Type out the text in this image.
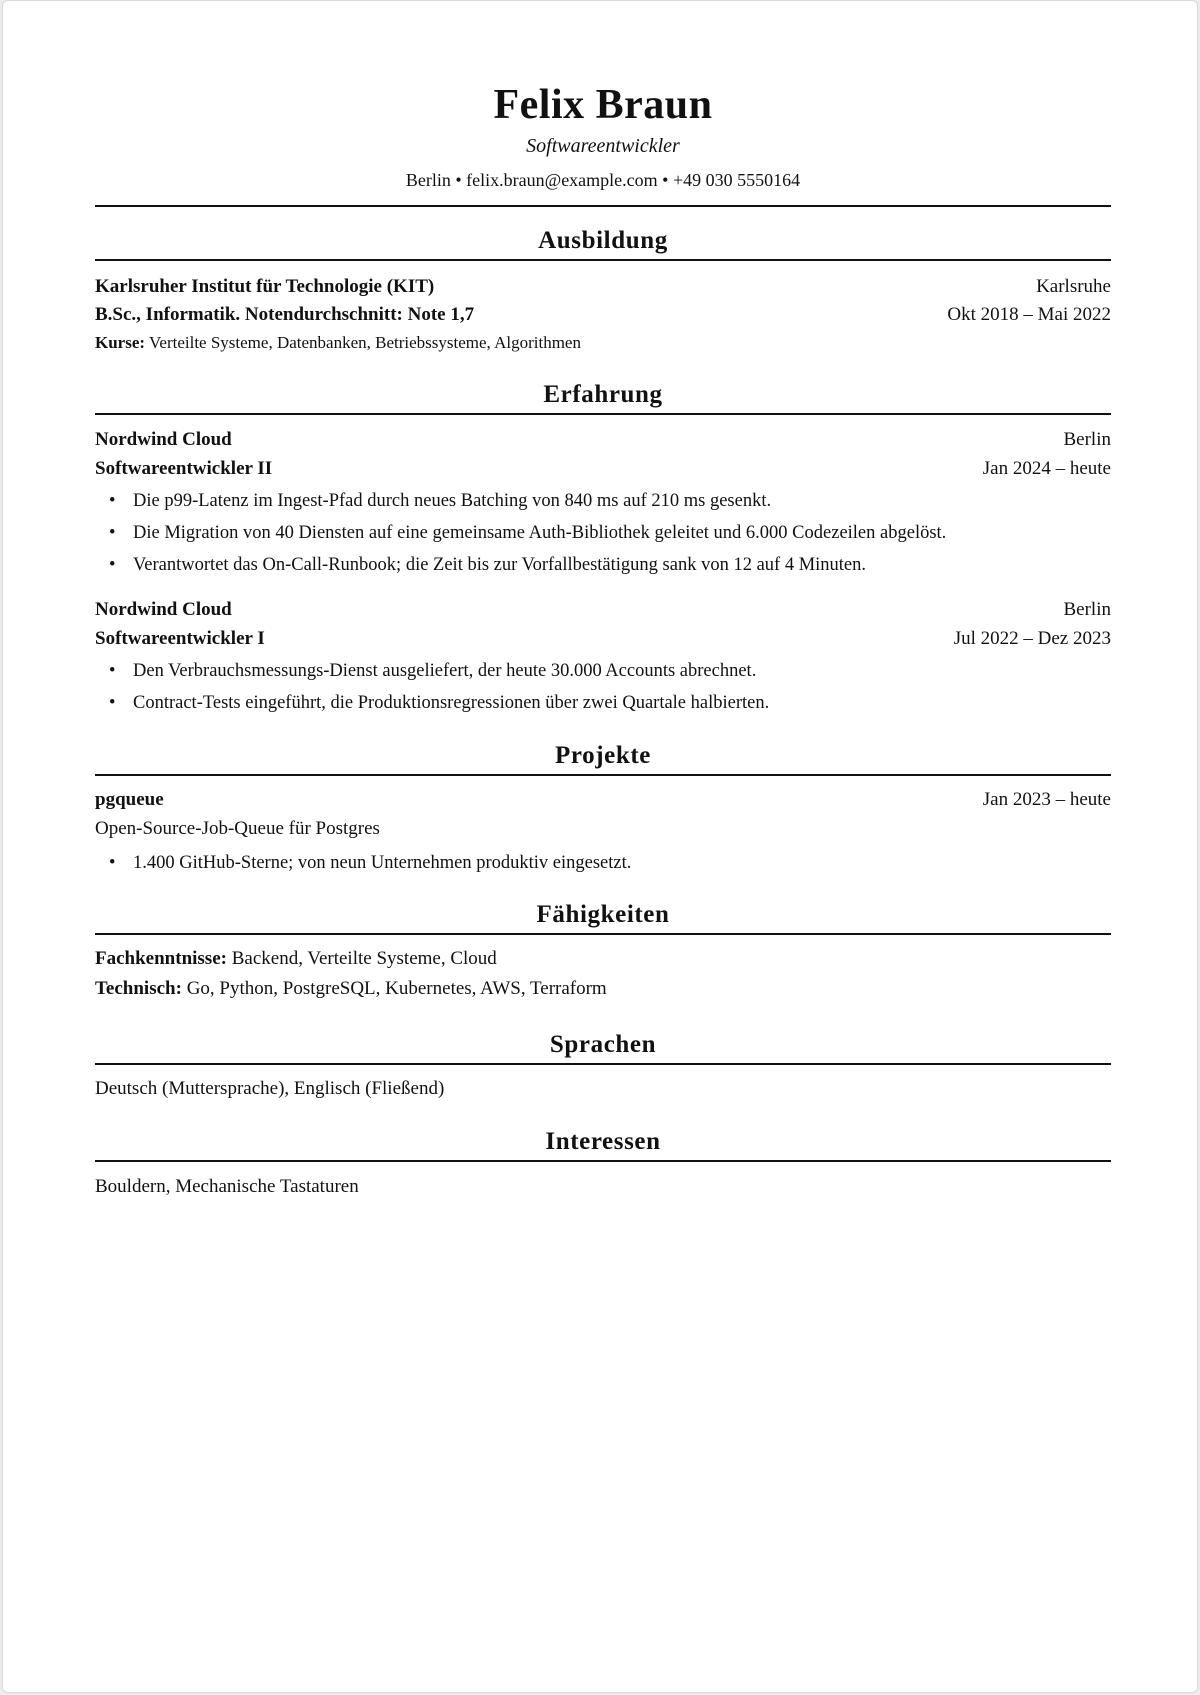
Felix Braun
Softwareentwickler
Berlin • felix.braun@example.com • +49 030 5550164
Ausbildung
Karlsruher Institut für Technologie (KIT)	Karlsruhe
B.Sc., Informatik. Notendurchschnitt: Note 1,7	Okt 2018 – Mai 2022
Kurse: Verteilte Systeme, Datenbanken, Betriebssysteme, Algorithmen
Erfahrung
Nordwind Cloud	Berlin
Softwareentwickler II	Jan 2024 – heute
• Die p99-Latenz im Ingest-Pfad durch neues Batching von 840 ms auf 210 ms gesenkt.
• Die Migration von 40 Diensten auf eine gemeinsame Auth-Bibliothek geleitet und 6.000 Codezeilen abgelöst.
• Verantwortet das On-Call-Runbook; die Zeit bis zur Vorfallbestätigung sank von 12 auf 4 Minuten.
Nordwind Cloud	Berlin
Softwareentwickler I	Jul 2022 – Dez 2023
• Den Verbrauchsmessungs-Dienst ausgeliefert, der heute 30.000 Accounts abrechnet.
• Contract-Tests eingeführt, die Produktionsregressionen über zwei Quartale halbierten.
Projekte
pgqueue	Jan 2023 – heute
Open-Source-Job-Queue für Postgres
• 1.400 GitHub-Sterne; von neun Unternehmen produktiv eingesetzt.
Fähigkeiten
Fachkenntnisse: Backend, Verteilte Systeme, Cloud
Technisch: Go, Python, PostgreSQL, Kubernetes, AWS, Terraform
Sprachen
Deutsch (Muttersprache), Englisch (Fließend)
Interessen
Bouldern, Mechanische Tastaturen
